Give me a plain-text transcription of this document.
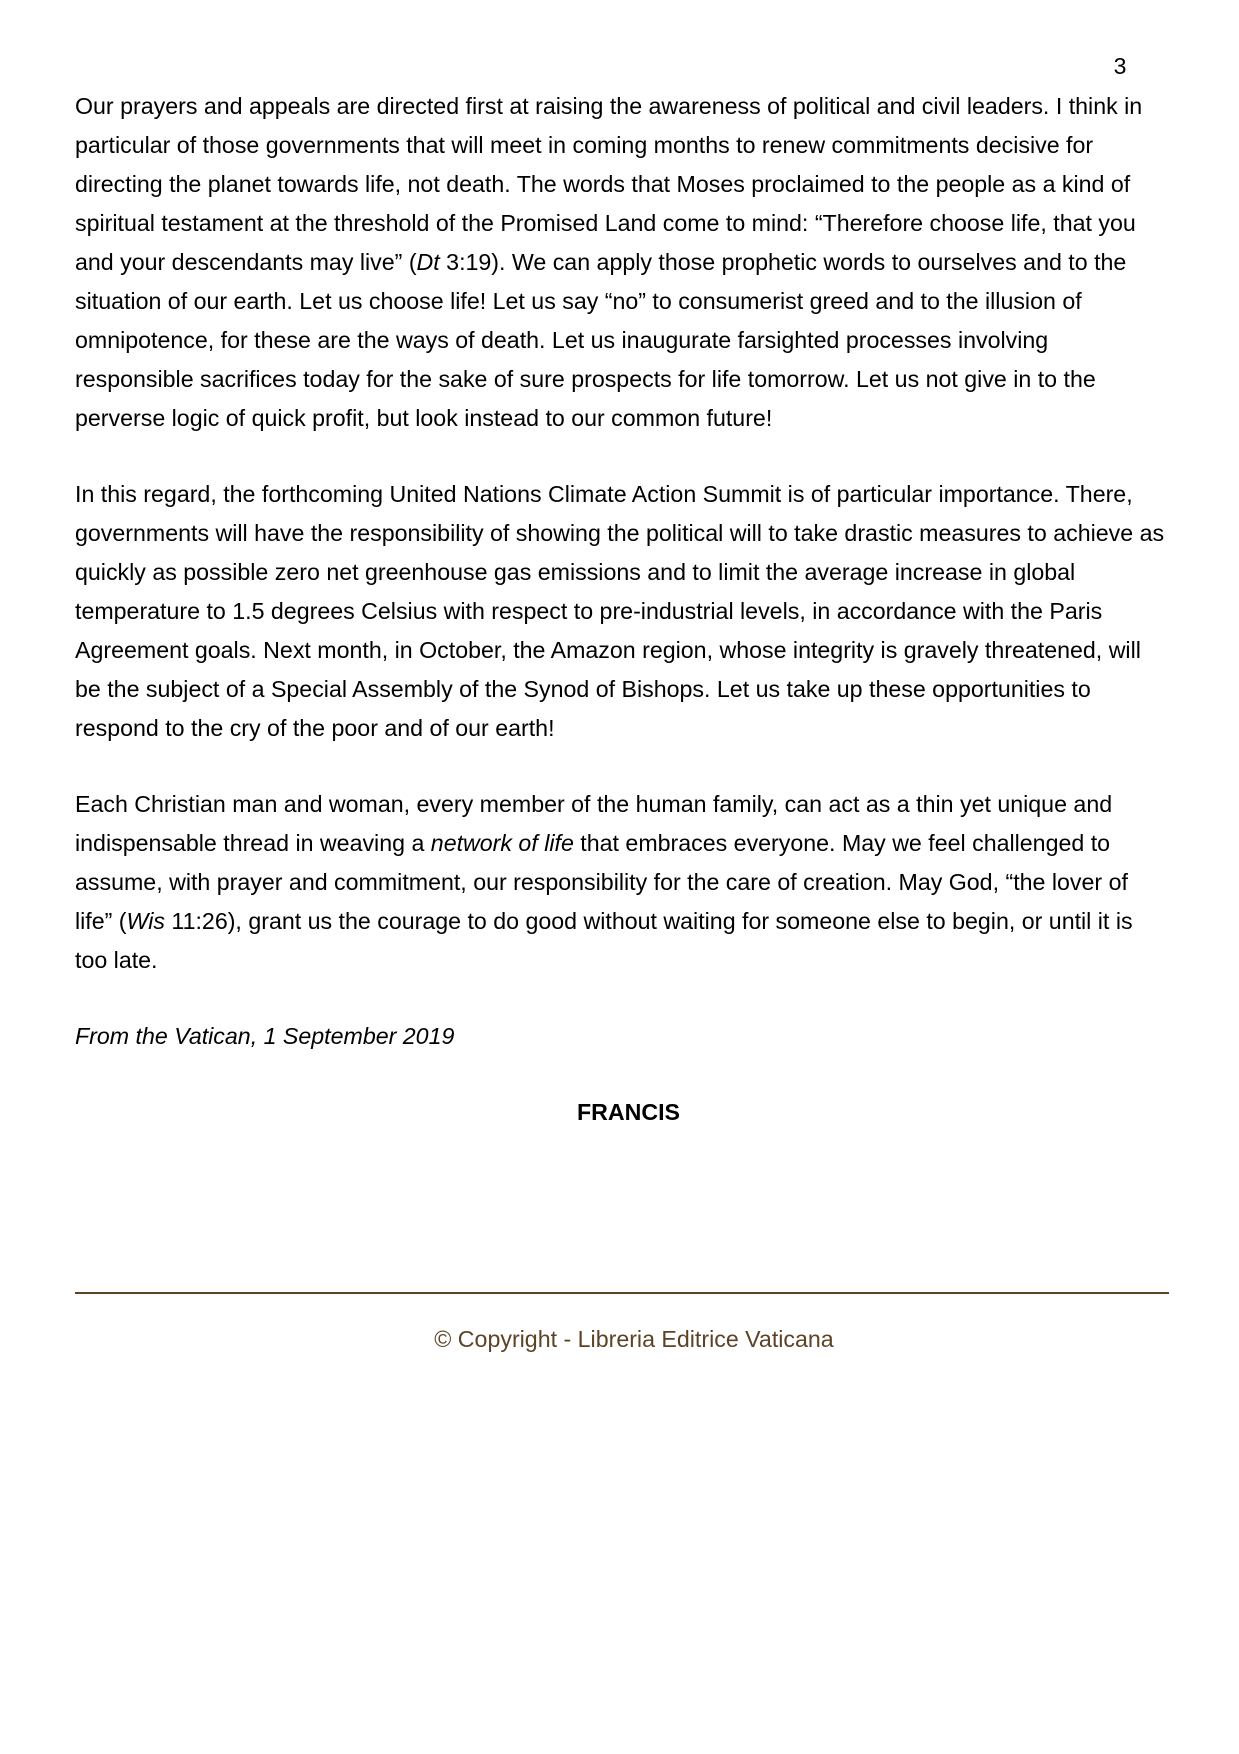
3

Our prayers and appeals are directed first at raising the awareness of political and civil leaders. I think in particular of those governments that will meet in coming months to renew commitments decisive for directing the planet towards life, not death. The words that Moses proclaimed to the people as a kind of spiritual testament at the threshold of the Promised Land come to mind: “Therefore choose life, that you and your descendants may live” (Dt 3:19). We can apply those prophetic words to ourselves and to the situation of our earth. Let us choose life! Let us say “no” to consumerist greed and to the illusion of omnipotence, for these are the ways of death. Let us inaugurate farsighted processes involving responsible sacrifices today for the sake of sure prospects for life tomorrow. Let us not give in to the perverse logic of quick profit, but look instead to our common future!

In this regard, the forthcoming United Nations Climate Action Summit is of particular importance. There, governments will have the responsibility of showing the political will to take drastic measures to achieve as quickly as possible zero net greenhouse gas emissions and to limit the average increase in global temperature to 1.5 degrees Celsius with respect to pre-industrial levels, in accordance with the Paris Agreement goals. Next month, in October, the Amazon region, whose integrity is gravely threatened, will be the subject of a Special Assembly of the Synod of Bishops. Let us take up these opportunities to respond to the cry of the poor and of our earth!

Each Christian man and woman, every member of the human family, can act as a thin yet unique and indispensable thread in weaving a network of life that embraces everyone. May we feel challenged to assume, with prayer and commitment, our responsibility for the care of creation. May God, “the lover of life” (Wis 11:26), grant us the courage to do good without waiting for someone else to begin, or until it is too late.

From the Vatican, 1 September 2019

FRANCIS

© Copyright - Libreria Editrice Vaticana
